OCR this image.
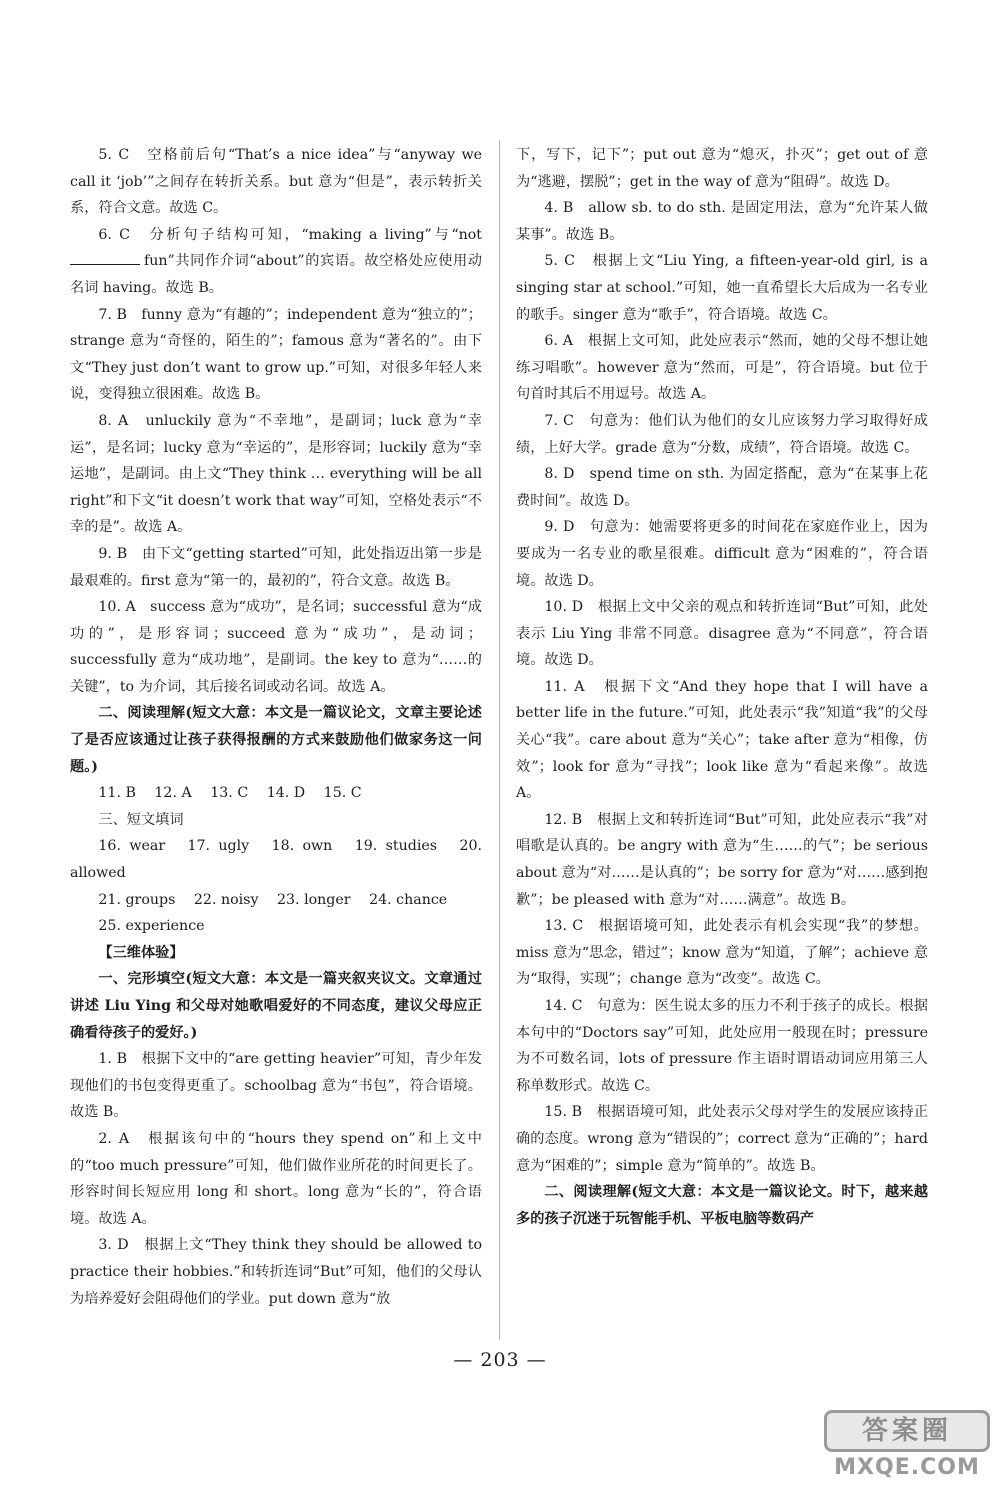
5. C　空格前后句“That’s a nice idea”与“anyway we call it ‘job’”之间存在转折关系。but 意为“但是”，表示转折关系，符合文意。故选 C。

6. C　分析句子结构可知，“making a living”与“not fun”共同作介词“about”的宾语。故空格处应使用动名词 having。故选 B。

7. B　funny 意为“有趣的”；independent 意为“独立的”；strange 意为“奇怪的，陌生的”；famous 意为“著名的”。由下文“They just don’t want to grow up.”可知，对很多年轻人来说，变得独立很困难。故选 B。

8. A　unluckily 意为“不幸地”，是副词；luck 意为“幸运”，是名词；lucky 意为“幸运的”，是形容词；luckily 意为“幸运地”，是副词。由上文“They think … everything will be all right”和下文“it doesn’t work that way”可知，空格处表示“不幸的是”。故选 A。

9. B　由下文“getting started”可知，此处指迈出第一步是最艰难的。first 意为“第一的，最初的”，符合文意。故选 B。

10. A　success 意为“成功”，是名词；successful 意为“成功的”，是形容词；succeed 意为“成功”，是动词；successfully 意为“成功地”，是副词。the key to 意为“……的关键”，to 为介词，其后接名词或动名词。故选 A。

二、阅读理解(短文大意：本文是一篇议论文，文章主要论述了是否应该通过让孩子获得报酬的方式来鼓励他们做家务这一问题。)

11. B 12. A 13. C 14. D 15. C

三、短文填词

16. wear 17. ugly 18. own 19. studies 20. allowed

21. groups 22. noisy 23. longer 24. chance

25. experience

【三维体验】

一、完形填空(短文大意：本文是一篇夹叙夹议文。文章通过讲述 Liu Ying 和父母对她歌唱爱好的不同态度，建议父母应正确看待孩子的爱好。)

1. B　根据下文中的“are getting heavier”可知，青少年发现他们的书包变得更重了。schoolbag 意为“书包”，符合语境。故选 B。

2. A　根据该句中的“hours they spend on”和上文中的“too much pressure”可知，他们做作业所花的时间更长了。形容时间长短应用 long 和 short。long 意为“长的”，符合语境。故选 A。

3. D　根据上文“They think they should be allowed to practice their hobbies.”和转折连词“But”可知，他们的父母认为培养爱好会阻碍他们的学业。put down 意为“放

下，写下，记下”；put out 意为“熄灭，扑灭”；get out of 意为“逃避，摆脱”；get in the way of 意为“阻碍”。故选 D。

4. B　allow sb. to do sth. 是固定用法，意为“允许某人做某事”。故选 B。

5. C　根据上文“Liu Ying, a fifteen-year-old girl, is a singing star at school.”可知，她一直希望长大后成为一名专业的歌手。singer 意为“歌手”，符合语境。故选 C。

6. A　根据上文可知，此处应表示“然而，她的父母不想让她练习唱歌”。however 意为“然而，可是”，符合语境。but 位于句首时其后不用逗号。故选 A。

7. C　句意为：他们认为他们的女儿应该努力学习取得好成绩，上好大学。grade 意为“分数，成绩”，符合语境。故选 C。

8. D　spend time on sth. 为固定搭配，意为“在某事上花费时间”。故选 D。

9. D　句意为：她需要将更多的时间花在家庭作业上，因为要成为一名专业的歌星很难。difficult 意为“困难的”，符合语境。故选 D。

10. D　根据上文中父亲的观点和转折连词“But”可知，此处表示 Liu Ying 非常不同意。disagree 意为“不同意”，符合语境。故选 D。

11. A　根据下文“And they hope that I will have a better life in the future.”可知，此处表示“我”知道“我”的父母关心“我”。care about 意为“关心”；take after 意为“相像，仿效”；look for 意为“寻找”；look like 意为“看起来像”。故选 A。

12. B　根据上文和转折连词“But”可知，此处应表示“我”对唱歌是认真的。be angry with 意为“生……的气”；be serious about 意为“对……是认真的”；be sorry for 意为“对……感到抱歉”；be pleased with 意为“对……满意”。故选 B。

13. C　根据语境可知，此处表示有机会实现“我”的梦想。miss 意为“思念，错过”；know 意为“知道，了解”；achieve 意为“取得，实现”；change 意为“改变”。故选 C。

14. C　句意为：医生说太多的压力不利于孩子的成长。根据本句中的“Doctors say”可知，此处应用一般现在时；pressure 为不可数名词，lots of pressure 作主语时谓语动词应用第三人称单数形式。故选 C。

15. B　根据语境可知，此处表示父母对学生的发展应该持正确的态度。wrong 意为“错误的”；correct 意为“正确的”；hard 意为“困难的”；simple 意为“简单的”。故选 B。

二、阅读理解(短文大意：本文是一篇议论文。时下，越来越多的孩子沉迷于玩智能手机、平板电脑等数码产

— 203 —
答案圈
MXQE.COM
